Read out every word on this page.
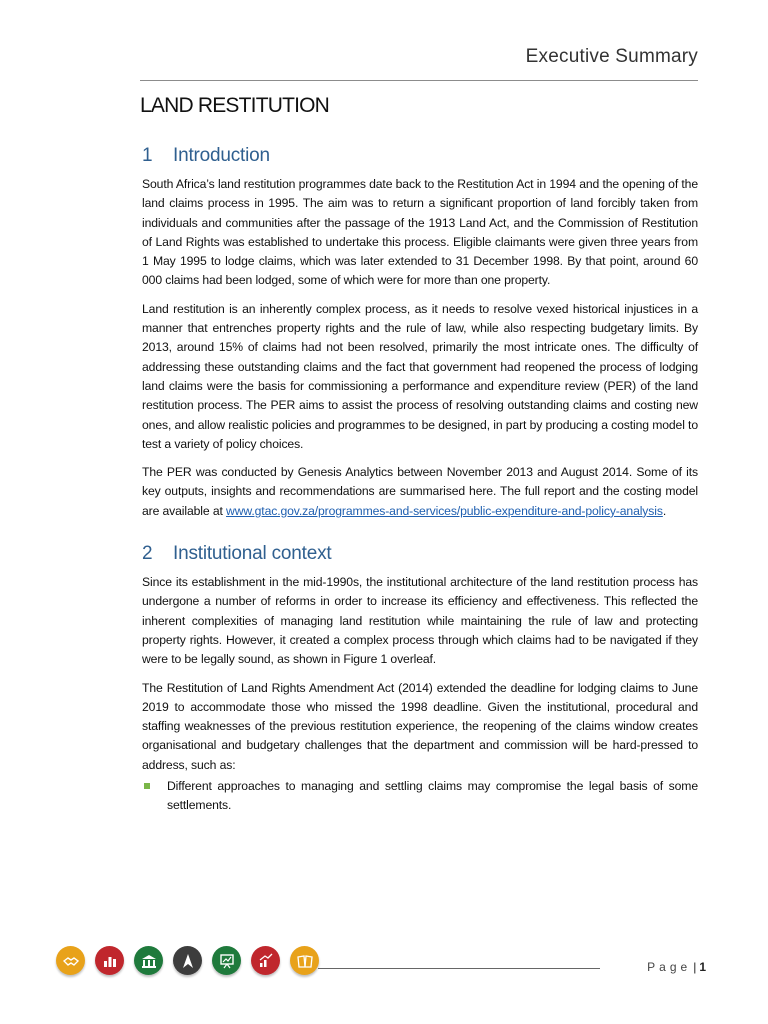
Executive Summary
LAND RESTITUTION
1	Introduction

South Africa’s land restitution programmes date back to the Restitution Act in 1994 and the opening of the land claims process in 1995. The aim was to return a significant proportion of land forcibly taken from individuals and communities after the passage of the 1913 Land Act, and the Commission of Restitution of Land Rights was established to undertake this process. Eligible claimants were given three years from 1 May 1995 to lodge claims, which was later extended to 31 December 1998. By that point, around 60 000 claims had been lodged, some of which were for more than one property.

Land restitution is an inherently complex process, as it needs to resolve vexed historical injustices in a manner that entrenches property rights and the rule of law, while also respecting budgetary limits. By 2013, around 15% of claims had not been resolved, primarily the most intricate ones. The difficulty of addressing these outstanding claims and the fact that government had reopened the process of lodging land claims were the basis for commissioning a performance and expenditure review (PER) of the land restitution process. The PER aims to assist the process of resolving outstanding claims and costing new ones, and allow realistic policies and programmes to be designed, in part by producing a costing model to test a variety of policy choices.

The PER was conducted by Genesis Analytics between November 2013 and August 2014. Some of its key outputs, insights and recommendations are summarised here. The full report and the costing model are available at www.gtac.gov.za/programmes-and-services/public-expenditure-and-policy-analysis.

2	Institutional context

Since its establishment in the mid-1990s, the institutional architecture of the land restitution process has undergone a number of reforms in order to increase its efficiency and effectiveness. This reflected the inherent complexities of managing land restitution while maintaining the rule of law and protecting property rights. However, it created a complex process through which claims had to be navigated if they were to be legally sound, as shown in Figure 1 overleaf.

The Restitution of Land Rights Amendment Act (2014) extended the deadline for lodging claims to June 2019 to accommodate those who missed the 1998 deadline. Given the institutional, procedural and staffing weaknesses of the previous restitution experience, the reopening of the claims window creates organisational and budgetary challenges that the department and commission will be hard-pressed to address, such as:

Different approaches to managing and settling claims may compromise the legal basis of some settlements.
Page | 1
